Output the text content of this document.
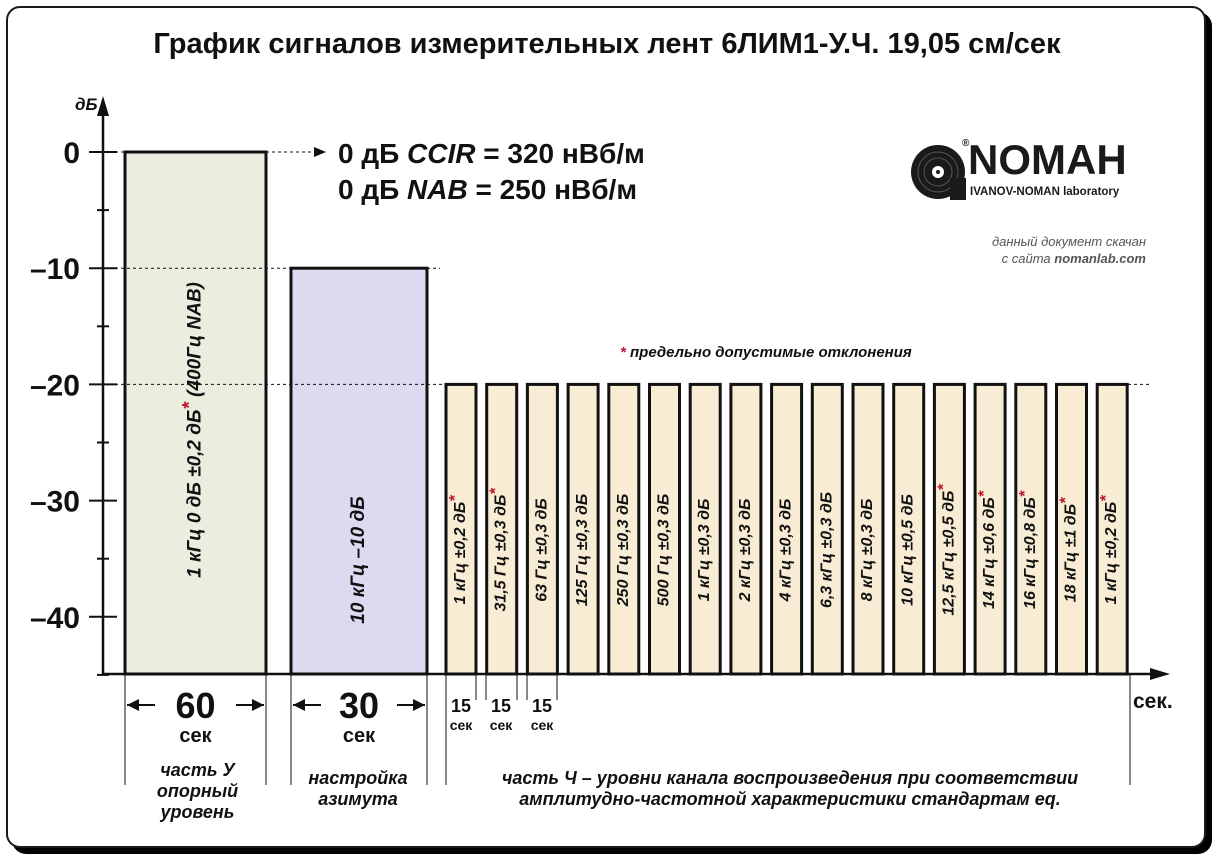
График сигналов измерительных лент 6ЛИМ1-У.Ч. 19,05 см/сек
1 кГц 0 дБ ±0,2 дБ* (400Гц NAB)
10 кГц –10 дБ	1 кГц ±0,2 дБ*	31,5 Гц ±0,3 дБ*
63 Гц ±0,3 дБ 125 Гц ±0,3 дБ 250 Гц ±0,3 дБ 500 Гц ±0,3 дБ 1 кГц ±0,3 дБ 2 кГц ±0,3 дБ 4 кГц ±0,3 дБ 6,3 кГц ±0,3 дБ 8 кГц ±0,3 дБ 10 кГц ±0,5 дБ	12,5 кГц ±0,5 дБ*
14 кГц ±0,6 дБ*
16 кГц ±0,8 дБ*
18 кГц ±1 дБ*
1 кГц ±0,2 дБ*
дБ
сек.
0
–10
–20
–30
–40
60
сек
30
сек
15
сек
15
сек
15
сек
0 дБ CCIR = 320 нВб/м
0 дБ NAB = 250 нВб/м
®
NOMAH
IVANOV-NOMAN laboratory
данный документ скачан
с сайта nomanlab.com
* предельно допустимые отклонения
часть У
опорный
уровень
настройка
азимута
часть Ч – уровни канала воспроизведения при соответствии
амплитудно-частотной характеристики стандартам eq.
